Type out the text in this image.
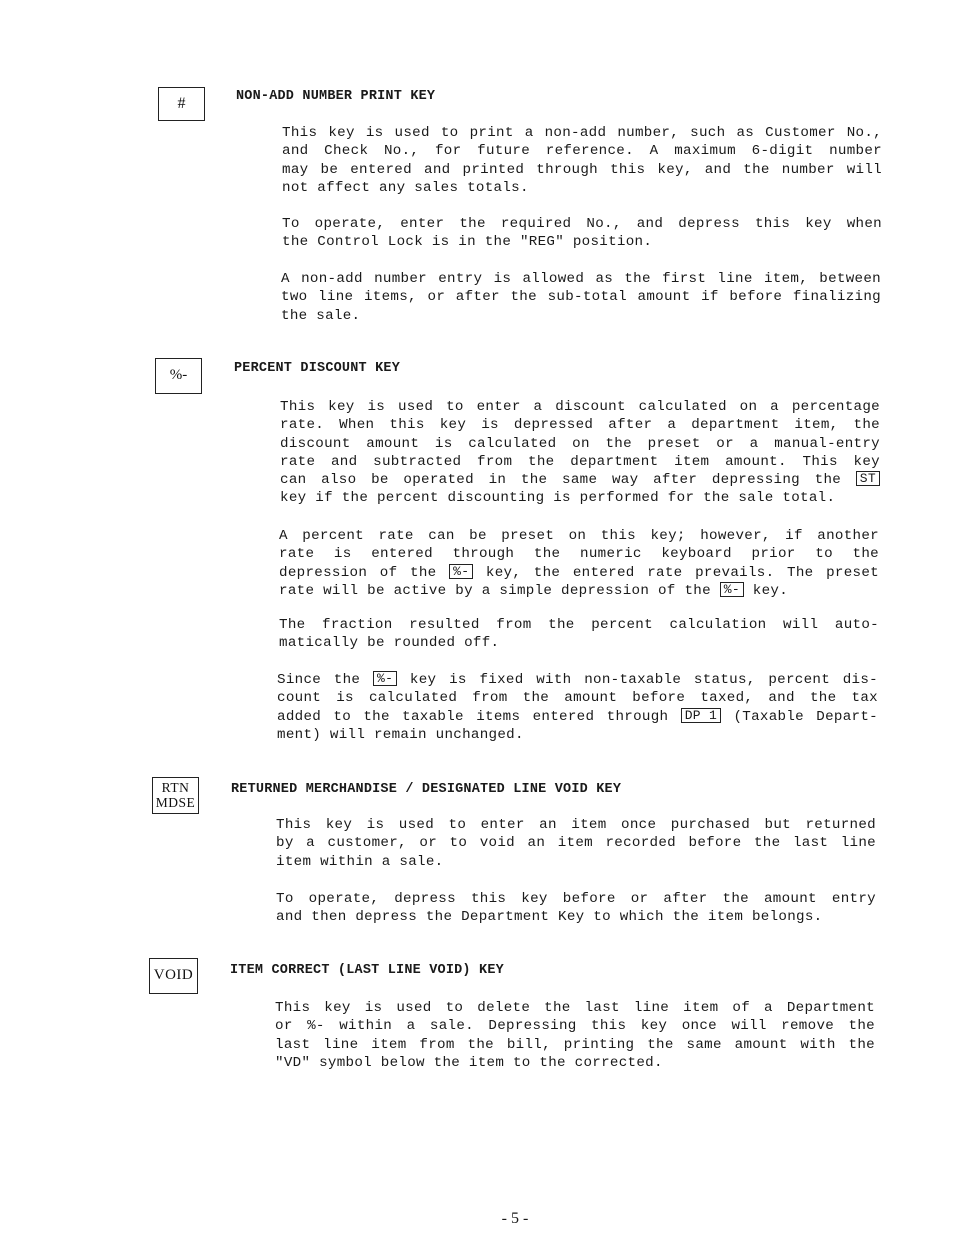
#	NON-ADD NUMBER PRINT KEY
This key is used to print a non-add number, such as Customer No.,
and Check No., for future reference. A maximum 6-digit number
may be entered and printed through this key, and the number will
not affect any sales totals.
To operate, enter the required No., and depress this key when
the Control Lock is in the "REG" position.
A non-add number entry is allowed as the first line item, between
two line items, or after the sub-total amount if before finalizing
the sale.
%-	PERCENT DISCOUNT KEY
This key is used to enter a discount calculated on a percentage
rate. When this key is depressed after a department item, the
discount amount is calculated on the preset or a manual-entry
rate and subtracted from the department item amount. This key
can also be operated in the same way after depressing the ST
key if the percent discounting is performed for the sale total.
A percent rate can be preset on this key; however, if another
rate is entered through the numeric keyboard prior to the
depression of the %- key, the entered rate prevails. The preset
rate will be active by a simple depression of the %- key.
The fraction resulted from the percent calculation will auto-
matically be rounded off.
Since the %- key is fixed with non-taxable status, percent dis-
count is calculated from the amount before taxed, and the tax
added to the taxable items entered through DP 1 (Taxable Depart-
ment) will remain unchanged.
RTN
MDSE
RETURNED MERCHANDISE / DESIGNATED LINE VOID KEY
This key is used to enter an item once purchased but returned
by a customer, or to void an item recorded before the last line
item within a sale.
To operate, depress this key before or after the amount entry
and then depress the Department Key to which the item belongs.
VOID	ITEM CORRECT (LAST LINE VOID) KEY
This key is used to delete the last line item of a Department
or %- within a sale. Depressing this key once will remove the
last line item from the bill, printing the same amount with the
"VD" symbol below the item to the corrected.
- 5 -
